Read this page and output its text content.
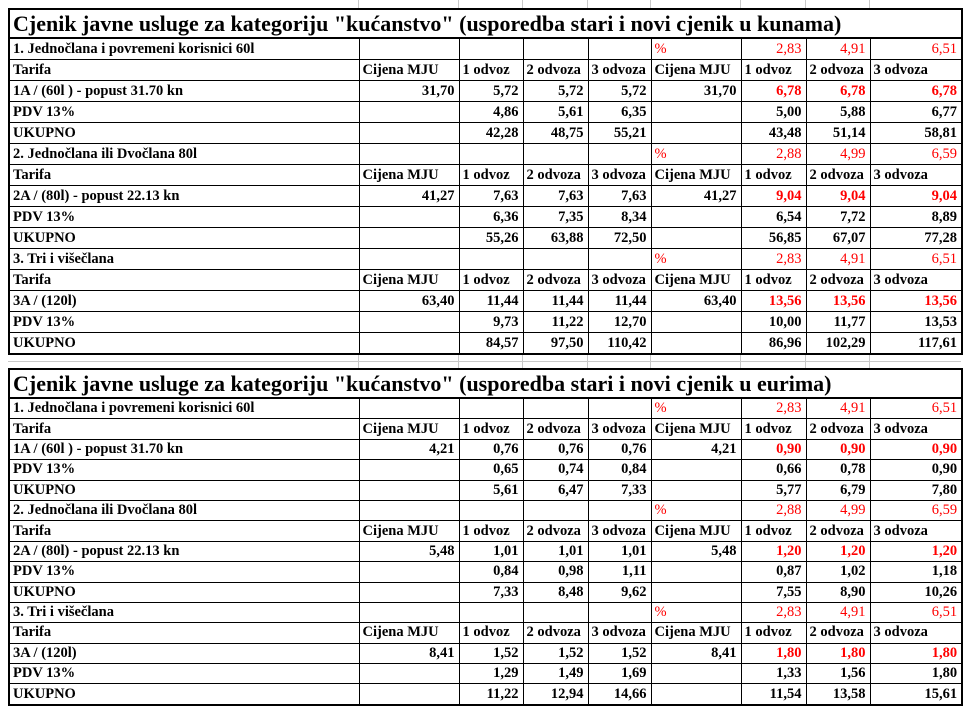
Cjenik javne usluge za kategoriju "kućanstvo" (usporedba stari i novi cjenik u kunama)								
1. Jednočlana i povremeni korisnici 60l					%	2,83	4,91	6,51
Tarifa	Cijena MJU	1 odvoz	2 odvoza	3 odvoza	Cijena MJU	1 odvoz	2 odvoza	3 odvoza
1A / (60l ) - popust 31.70 kn	31,70	5,72	5,72	5,72	31,70	6,78	6,78	6,78
PDV 13%		4,86	5,61	6,35		5,00	5,88	6,77
UKUPNO		42,28	48,75	55,21		43,48	51,14	58,81
2. Jednočlana ili Dvočlana 80l					%	2,88	4,99	6,59
Tarifa	Cijena MJU	1 odvoz	2 odvoza	3 odvoza	Cijena MJU	1 odvoz	2 odvoza	3 odvoza
2A / (80l) - popust 22.13 kn	41,27	7,63	7,63	7,63	41,27	9,04	9,04	9,04
PDV 13%		6,36	7,35	8,34		6,54	7,72	8,89
UKUPNO		55,26	63,88	72,50		56,85	67,07	77,28
3. Tri i višečlana					%	2,83	4,91	6,51
Tarifa	Cijena MJU	1 odvoz	2 odvoza	3 odvoza	Cijena MJU	1 odvoz	2 odvoza	3 odvoza
3A / (120l)	63,40	11,44	11,44	11,44	63,40	13,56	13,56	13,56
PDV 13%		9,73	11,22	12,70		10,00	11,77	13,53
UKUPNO		84,57	97,50	110,42		86,96	102,29	117,61
Cjenik javne usluge za kategoriju "kućanstvo" (usporedba stari i novi cjenik u eurima)								
1. Jednočlana i povremeni korisnici 60l					%	2,83	4,91	6,51
Tarifa	Cijena MJU	1 odvoz	2 odvoza	3 odvoza	Cijena MJU	1 odvoz	2 odvoza	3 odvoza
1A / (60l ) - popust 31.70 kn	4,21	0,76	0,76	0,76	4,21	0,90	0,90	0,90
PDV 13%		0,65	0,74	0,84		0,66	0,78	0,90
UKUPNO		5,61	6,47	7,33		5,77	6,79	7,80
2. Jednočlana ili Dvočlana 80l					%	2,88	4,99	6,59
Tarifa	Cijena MJU	1 odvoz	2 odvoza	3 odvoza	Cijena MJU	1 odvoz	2 odvoza	3 odvoza
2A / (80l) - popust 22.13 kn	5,48	1,01	1,01	1,01	5,48	1,20	1,20	1,20
PDV 13%		0,84	0,98	1,11		0,87	1,02	1,18
UKUPNO		7,33	8,48	9,62		7,55	8,90	10,26
3. Tri i višečlana					%	2,83	4,91	6,51
Tarifa	Cijena MJU	1 odvoz	2 odvoza	3 odvoza	Cijena MJU	1 odvoz	2 odvoza	3 odvoza
3A / (120l)	8,41	1,52	1,52	1,52	8,41	1,80	1,80	1,80
PDV 13%		1,29	1,49	1,69		1,33	1,56	1,80
UKUPNO		11,22	12,94	14,66		11,54	13,58	15,61
